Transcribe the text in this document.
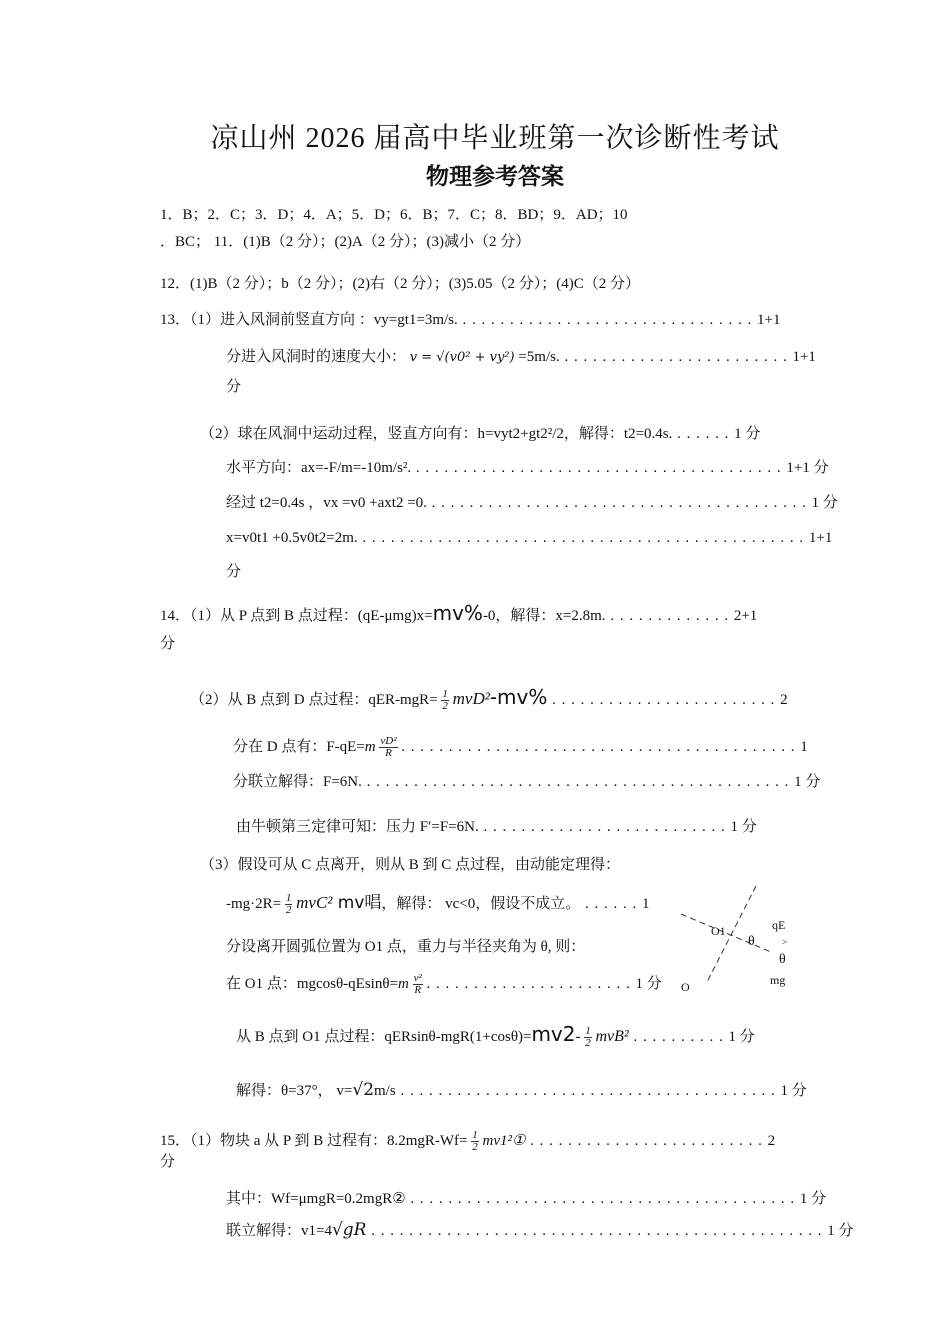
凉山州 2026 届高中毕业班第一次诊断性考试
物理参考答案
1．B；2．C；3．D；4．A；5．D；6．B；7．C；8．BD；9．AD；10
．BC； 11．(1)B（2 分）；(2)A（2 分）；(3)减小（2 分）
12．(1)B（2 分）；b（2 分）；(2)右（2 分）；(3)5.05（2 分）；(4)C（2 分）
13．（1）进入风洞前竖直方向 ：vy=gt1=3m/s. . . . . . . . . . . . . . . . . . . . . . . . . . . . . . . . 1+1
分进入风洞时的速度大小： v = √(v0² + vy²) =5m/s. . . . . . . . . . . . . . . . . . . . . . . . . 1+1
分
（2）球在风洞中运动过程，竖直方向有：h=vyt2+gt2²/2，解得：t2=0.4s. . . . . . . 1 分
水平方向：ax=-F/m=-10m/s². . . . . . . . . . . . . . . . . . . . . . . . . . . . . . . . . . . . . . . . 1+1 分
经过 t2=0.4s ，vx =v0 +axt2 =0. . . . . . . . . . . . . . . . . . . . . . . . . . . . . . . . . . . . . . . . . 1 分
x=v0t1 +0.5v0t2=2m. . . . . . . . . . . . . . . . . . . . . . . . . . . . . . . . . . . . . . . . . . . . . . . . 1+1
分
14．（1）从 P 点到 B 点过程：(qE-μmg)x=mv%-0，解得：x=2.8m. . . . . . . . . . . . . . 2+1
分
（2）从 B 点到 D 点过程：$qER-mgR= \frac{1}{2} mvD^2-mv\%$ . . . . . . . . . . . . . . . . . . . . . . . . 2
分在 D 点有：$F-qE=m \frac{\text{vD²}}{R}$ . . . . . . . . . . . . . . . . . . . . . . . . . . . . . . . . . . . . . . . . . . 1
分联立解得：F=6N. . . . . . . . . . . . . . . . . . . . . . . . . . . . . . . . . . . . . . . . . . . . . . 1 分
由牛顿第三定律可知：压力 F′=F=6N. . . . . . . . . . . . . . . . . . . . . . . . . . . 1 分
（3）假设可从 C 点离开，则从 B 到 C 点过程，由动能定理得：
$-mg\cdot 2R= \frac{1}{2} mvC^2$ mv唱，解得： vc<0，假设不成立。 . . . . . . 1
分设离开圆弧位置为 O1 点，重力与半径夹角为 θ, 则：
在 O1 点：$mgcos\theta-qEsin\theta=m \frac{\text{v²}}{R}$ . . . . . . . . . . . . . . . . . . . . . . 1 分
O1
θ
qE
>
θ
O	mg
从 B 点到 O1 点过程：$qERsin\theta-mgR(1+\cos\theta)=mv2- \frac{1}{2} mvB^2$ . . . . . . . . . . 1 分
解得：θ=37°， v=√2m/s . . . . . . . . . . . . . . . . . . . . . . . . . . . . . . . . . . . . . . . . 1 分
15．（1）物块 a 从 P 到 B 过程有：$8.2mgR-Wf= \frac{1}{2}$ mv1²① . . . . . . . . . . . . . . . . . . . . . . . . . 2
分
其中：Wf=μmgR=0.2mgR② . . . . . . . . . . . . . . . . . . . . . . . . . . . . . . . . . . . . . . . . . 1 分
联立解得：v1=4√gR . . . . . . . . . . . . . . . . . . . . . . . . . . . . . . . . . . . . . . . . . . . . . . . . 1 分
